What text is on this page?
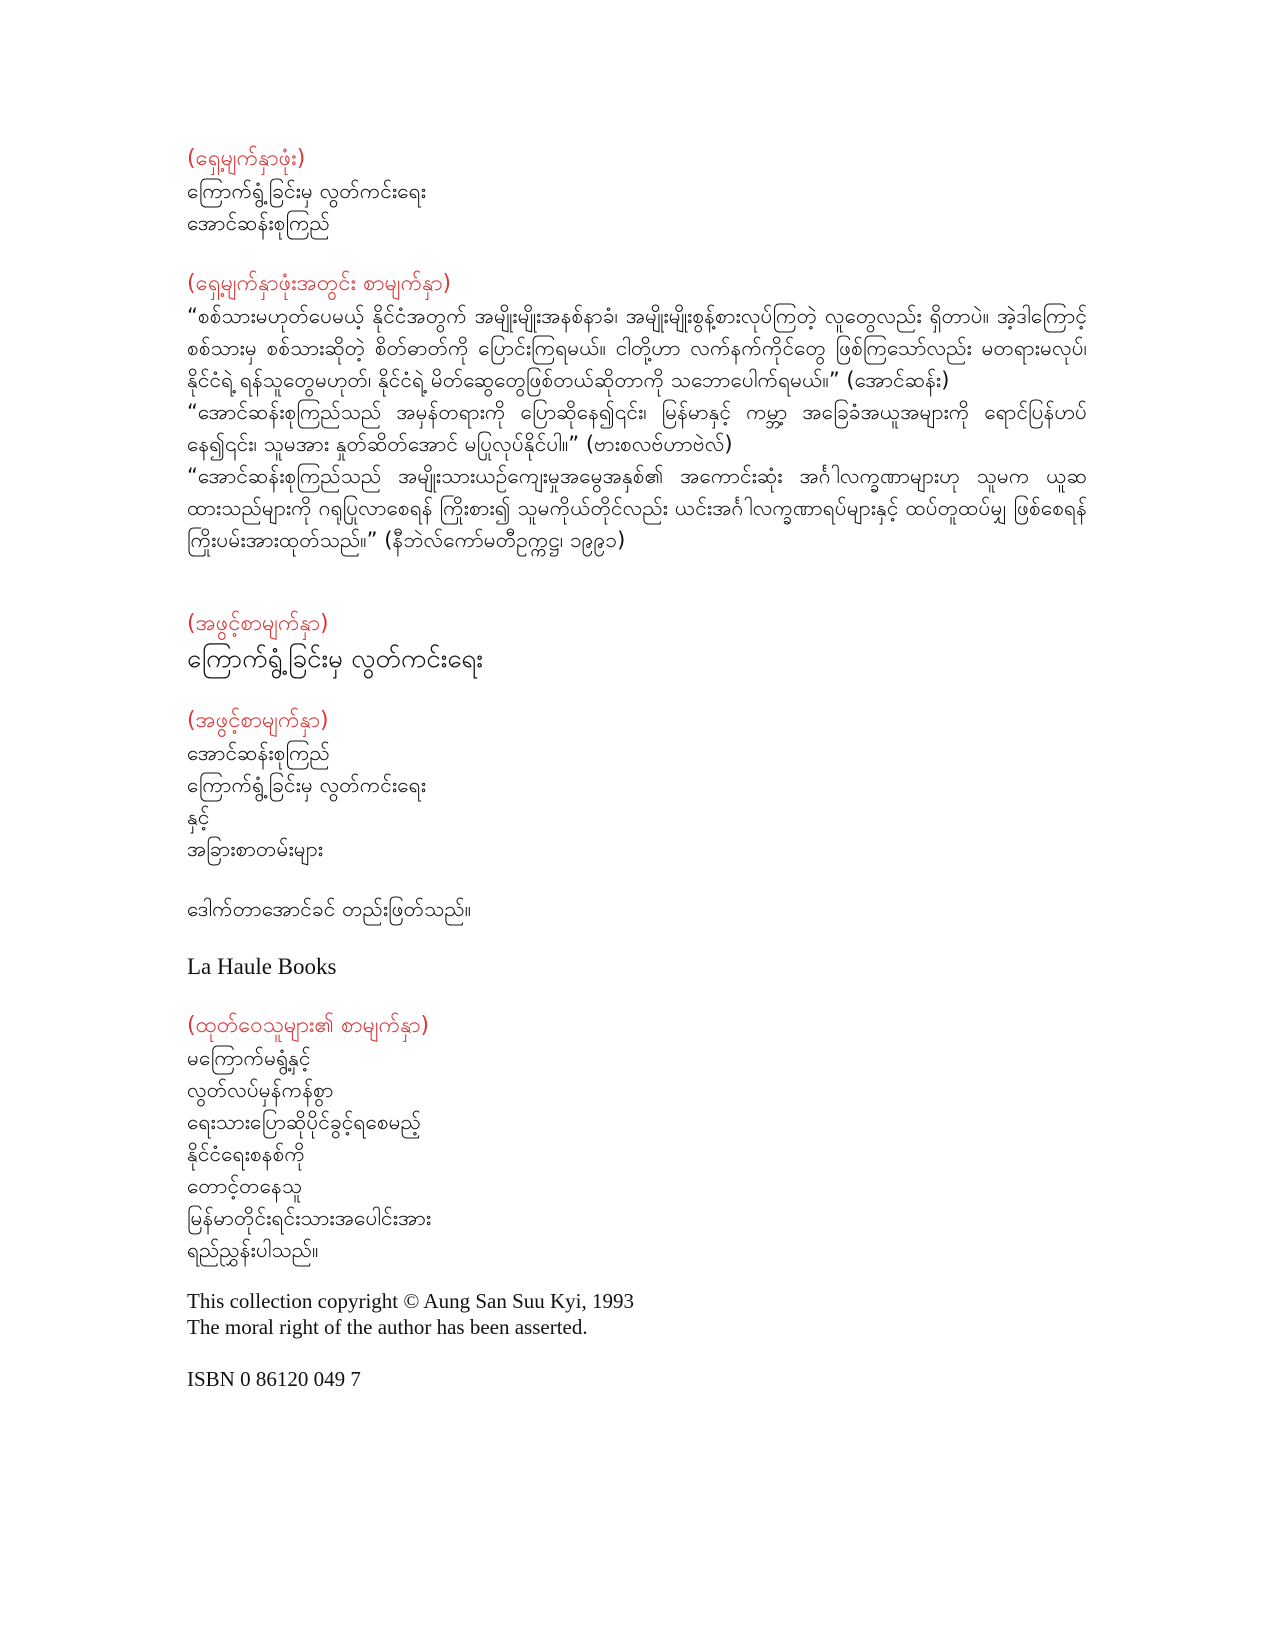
(ရှေ့မျက်နှာဖုံး)
ကြောက်ရွံ့ခြင်းမှ လွတ်ကင်းရေး
အောင်ဆန်းစုကြည်
(ရှေ့မျက်နှာဖုံးအတွင်း စာမျက်နှာ)
“စစ်သားမဟုတ်ပေမယ့် နိုင်ငံအတွက် အမျိုးမျိုးအနစ်နာခံ၊ အမျိုးမျိုးစွန့်စားလုပ်ကြတဲ့ လူတွေလည်း ရှိတာပဲ။ အဲ့ဒါကြောင့် စစ်သားမှ စစ်သားဆိုတဲ့ စိတ်ဓာတ်ကို ပြောင်းကြရမယ်။ ငါတို့ဟာ လက်နက်ကိုင်တွေ ဖြစ်ကြသော်လည်း မတရားမလုပ်၊ နိုင်ငံရဲ့ ရန်သူတွေမဟုတ်၊ နိုင်ငံရဲ့ မိတ်ဆွေတွေဖြစ်တယ်ဆိုတာကို သဘောပေါက်ရမယ်။” (အောင်ဆန်း)
“အောင်ဆန်းစုကြည်သည် အမှန်တရားကို ပြောဆိုနေ၍၎င်း၊ မြန်မာနှင့် ကမ္ဘာ့ အခြေခံအယူအများကို ရောင်ပြန်ဟပ်နေ၍၎င်း၊ သူမအား နှုတ်ဆိတ်အောင် မပြုလုပ်နိုင်ပါ။” (ဗားစလဗ်ဟာဗဲလ်)
“အောင်ဆန်းစုကြည်သည် အမျိုးသားယဉ်ကျေးမှုအမွေအနှစ်၏ အကောင်းဆုံး အင်္ဂါလက္ခဏာများဟု သူမက ယူဆထားသည်များကို ဂရုပြုလာစေရန် ကြိုးစား၍ သူမကိုယ်တိုင်လည်း ယင်းအင်္ဂါလက္ခဏာရပ်များနှင့် ထပ်တူထပ်မျှ ဖြစ်စေရန် ကြိုးပမ်းအားထုတ်သည်။” (နီဘဲလ်ကော်မတီဥက္ကဋ္ဌ၊ ၁၉၉၁)
(အဖွင့်စာမျက်နှာ)
ကြောက်ရွံ့ခြင်းမှ လွတ်ကင်းရေး
(အဖွင့်စာမျက်နှာ)
အောင်ဆန်းစုကြည်
ကြောက်ရွံ့ခြင်းမှ လွတ်ကင်းရေး
နှင့်
အခြားစာတမ်းများ
ဒေါက်တာအောင်ခင် တည်းဖြတ်သည်။
La Haule Books
(ထုတ်ဝေသူများ၏ စာမျက်နှာ)
မကြောက်မရွံ့နှင့်
လွတ်လပ်မှန်ကန်စွာ
ရေးသားပြောဆိုပိုင်ခွင့်ရစေမည့်
နိုင်ငံရေးစနစ်ကို
တောင့်တနေသူ
မြန်မာတိုင်းရင်းသားအပေါင်းအား
ရည်ညွှန်းပါသည်။
This collection copyright © Aung San Suu Kyi, 1993
The moral right of the author has been asserted.
ISBN 0 86120 049 7
